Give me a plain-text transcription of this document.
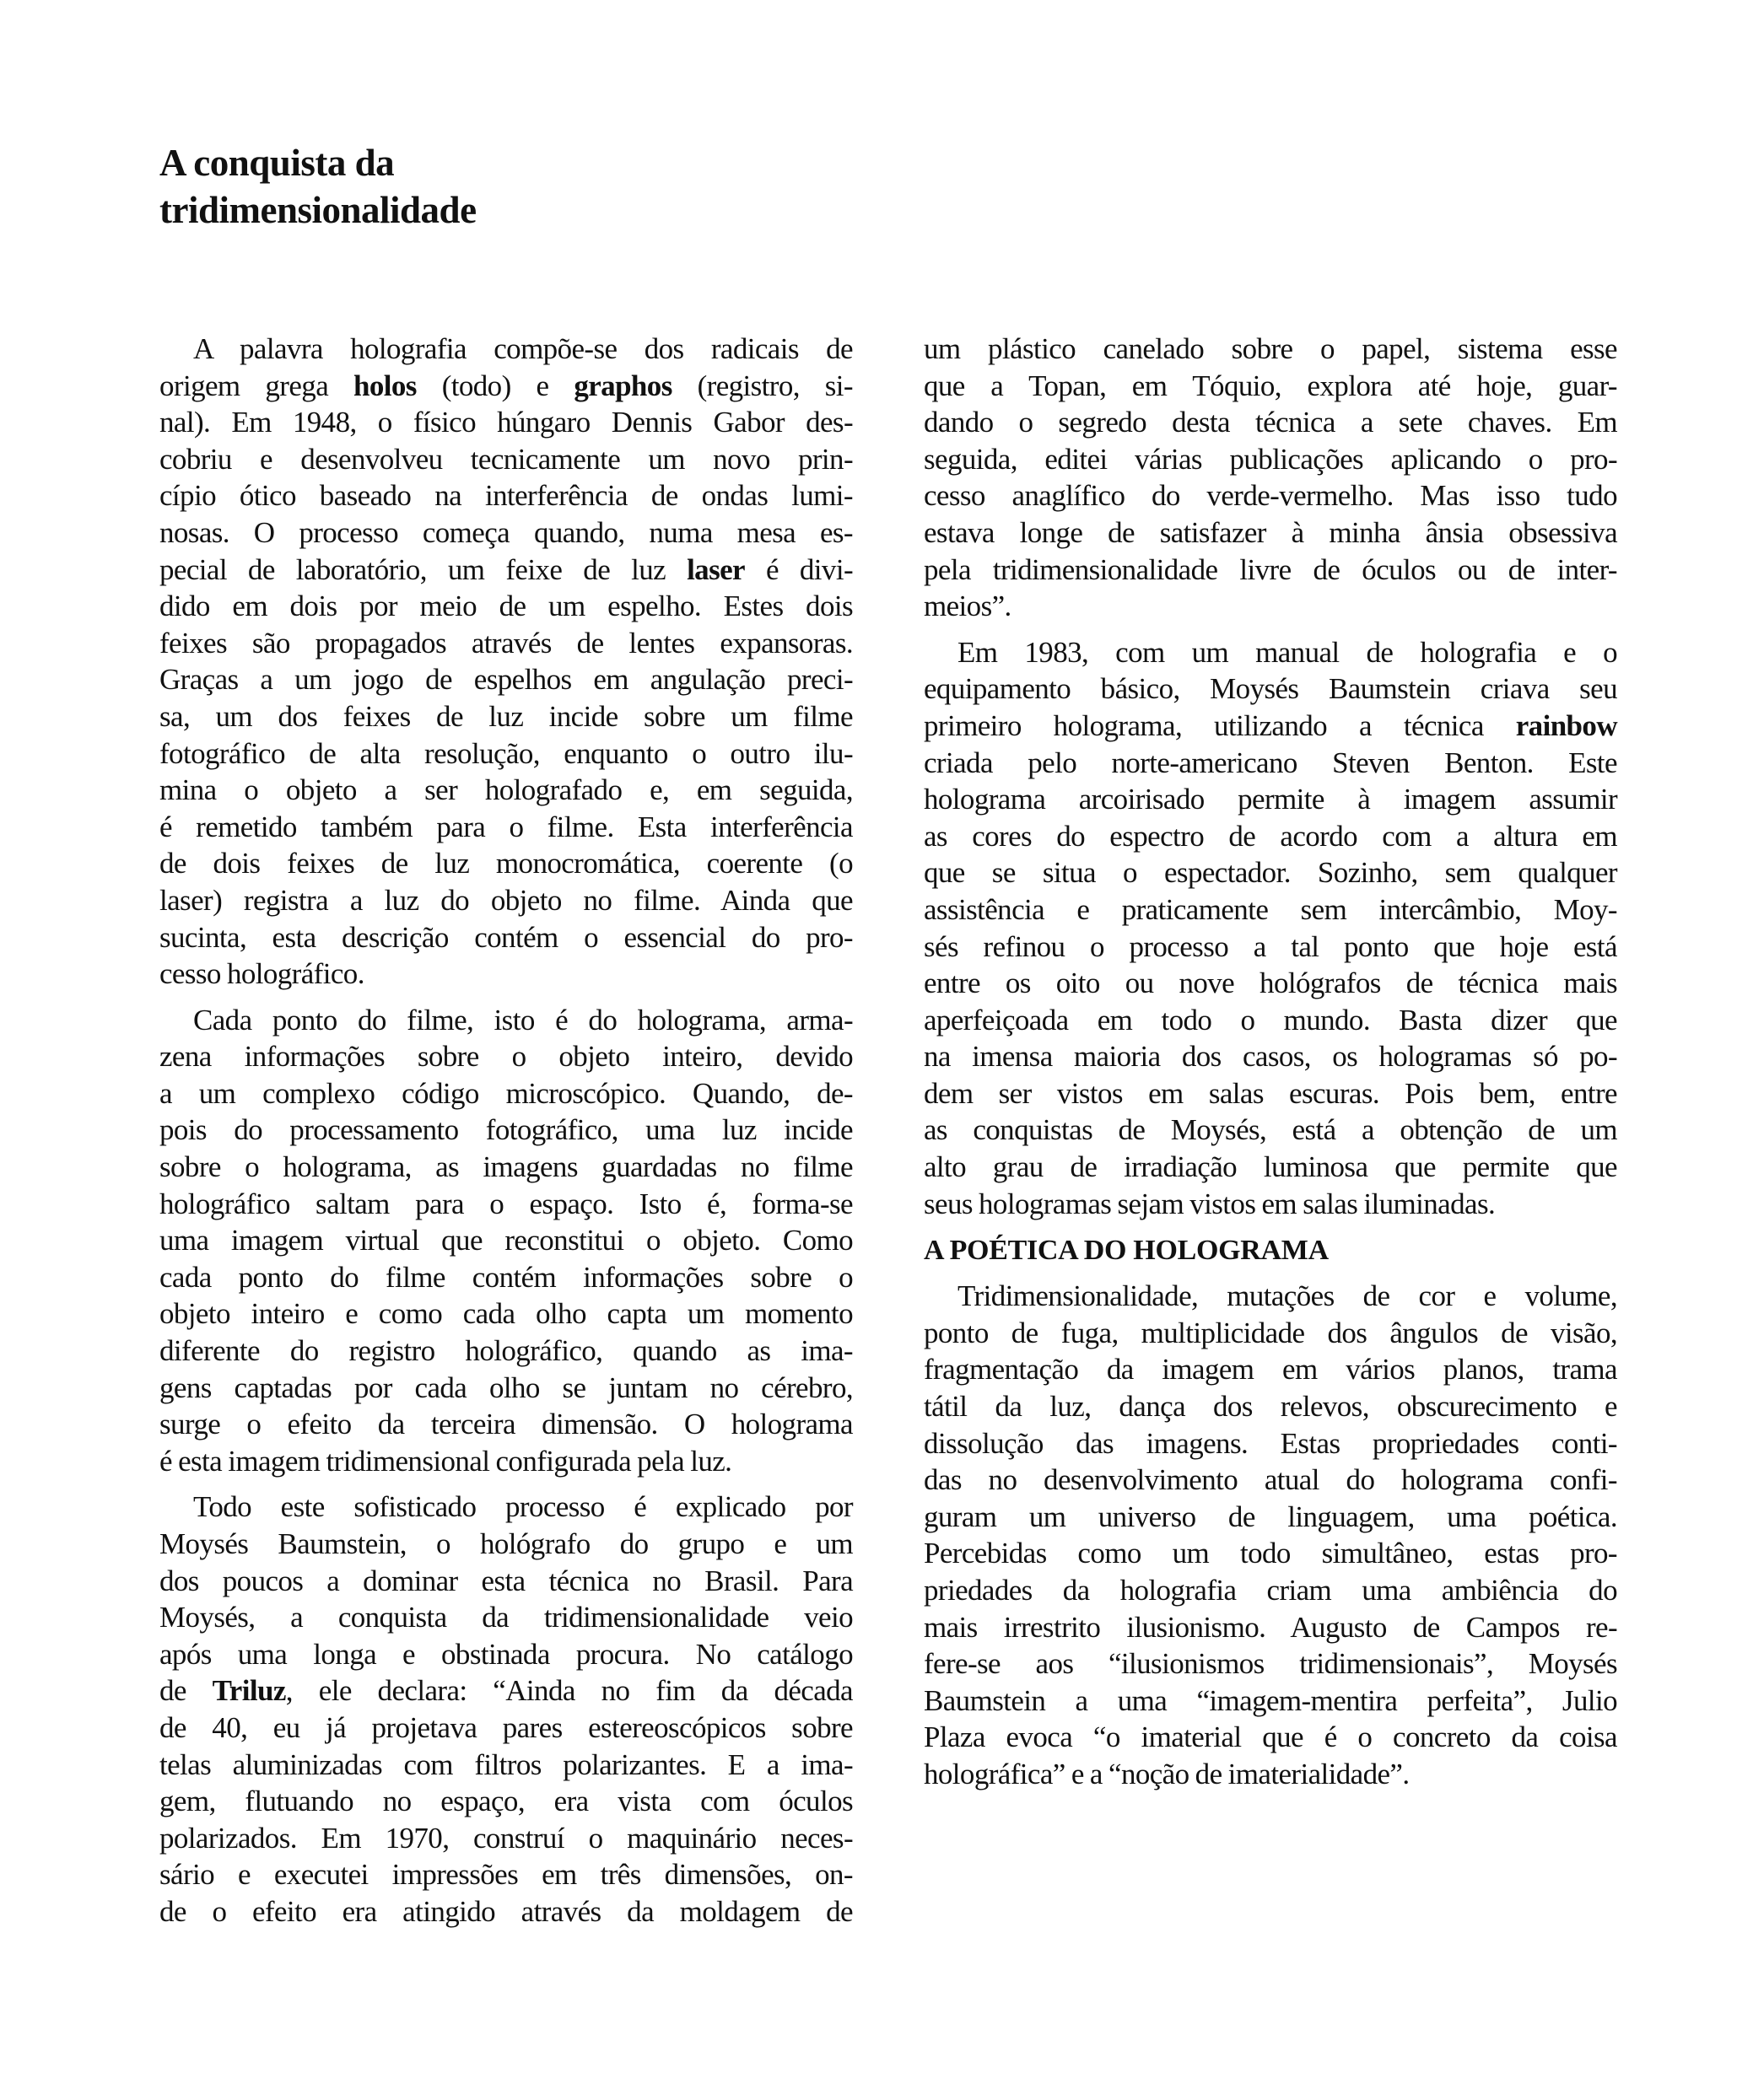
A conquista da
tridimensionalidade

A palavra holografia compõe-se dos radicais de
origem grega holos (todo) e graphos (registro, si-
nal). Em 1948, o físico húngaro Dennis Gabor des-
cobriu e desenvolveu tecnicamente um novo prin-
cípio ótico baseado na interferência de ondas lumi-
nosas. O processo começa quando, numa mesa es-
pecial de laboratório, um feixe de luz laser é divi-
dido em dois por meio de um espelho. Estes dois
feixes são propagados através de lentes expansoras.
Graças a um jogo de espelhos em angulação preci-
sa, um dos feixes de luz incide sobre um filme
fotográfico de alta resolução, enquanto o outro ilu-
mina o objeto a ser holografado e, em seguida,
é remetido também para o filme. Esta interferência
de dois feixes de luz monocromática, coerente (o
laser) registra a luz do objeto no filme. Ainda que
sucinta, esta descrição contém o essencial do pro-
cesso holográfico.

Cada ponto do filme, isto é do holograma, arma-
zena informações sobre o objeto inteiro, devido
a um complexo código microscópico. Quando, de-
pois do processamento fotográfico, uma luz incide
sobre o holograma, as imagens guardadas no filme
holográfico saltam para o espaço. Isto é, forma-se
uma imagem virtual que reconstitui o objeto. Como
cada ponto do filme contém informações sobre o
objeto inteiro e como cada olho capta um momento
diferente do registro holográfico, quando as ima-
gens captadas por cada olho se juntam no cérebro,
surge o efeito da terceira dimensão. O holograma
é esta imagem tridimensional configurada pela luz.

Todo este sofisticado processo é explicado por
Moysés Baumstein, o hológrafo do grupo e um
dos poucos a dominar esta técnica no Brasil. Para
Moysés, a conquista da tridimensionalidade veio
após uma longa e obstinada procura. No catálogo
de Triluz, ele declara: “Ainda no fim da década
de 40, eu já projetava pares estereoscópicos sobre
telas aluminizadas com filtros polarizantes. E a ima-
gem, flutuando no espaço, era vista com óculos
polarizados. Em 1970, construí o maquinário neces-
sário e executei impressões em três dimensões, on-
de o efeito era atingido através da moldagem de

um plástico canelado sobre o papel, sistema esse
que a Topan, em Tóquio, explora até hoje, guar-
dando o segredo desta técnica a sete chaves. Em
seguida, editei várias publicações aplicando o pro-
cesso anaglífico do verde-vermelho. Mas isso tudo
estava longe de satisfazer à minha ânsia obsessiva
pela tridimensionalidade livre de óculos ou de inter-
meios”.

Em 1983, com um manual de holografia e o
equipamento básico, Moysés Baumstein criava seu
primeiro holograma, utilizando a técnica rainbow
criada pelo norte-americano Steven Benton. Este
holograma arcoirisado permite à imagem assumir
as cores do espectro de acordo com a altura em
que se situa o espectador. Sozinho, sem qualquer
assistência e praticamente sem intercâmbio, Moy-
sés refinou o processo a tal ponto que hoje está
entre os oito ou nove hológrafos de técnica mais
aperfeiçoada em todo o mundo. Basta dizer que
na imensa maioria dos casos, os hologramas só po-
dem ser vistos em salas escuras. Pois bem, entre
as conquistas de Moysés, está a obtenção de um
alto grau de irradiação luminosa que permite que
seus hologramas sejam vistos em salas iluminadas.

A POÉTICA DO HOLOGRAMA

Tridimensionalidade, mutações de cor e volume,
ponto de fuga, multiplicidade dos ângulos de visão,
fragmentação da imagem em vários planos, trama
tátil da luz, dança dos relevos, obscurecimento e
dissolução das imagens. Estas propriedades conti-
das no desenvolvimento atual do holograma confi-
guram um universo de linguagem, uma poética.
Percebidas como um todo simultâneo, estas pro-
priedades da holografia criam uma ambiência do
mais irrestrito ilusionismo. Augusto de Campos re-
fere-se aos “ilusionismos tridimensionais”, Moysés
Baumstein a uma “imagem-mentira perfeita”, Julio
Plaza evoca “o imaterial que é o concreto da coisa
holográfica” e a “noção de imaterialidade”.
